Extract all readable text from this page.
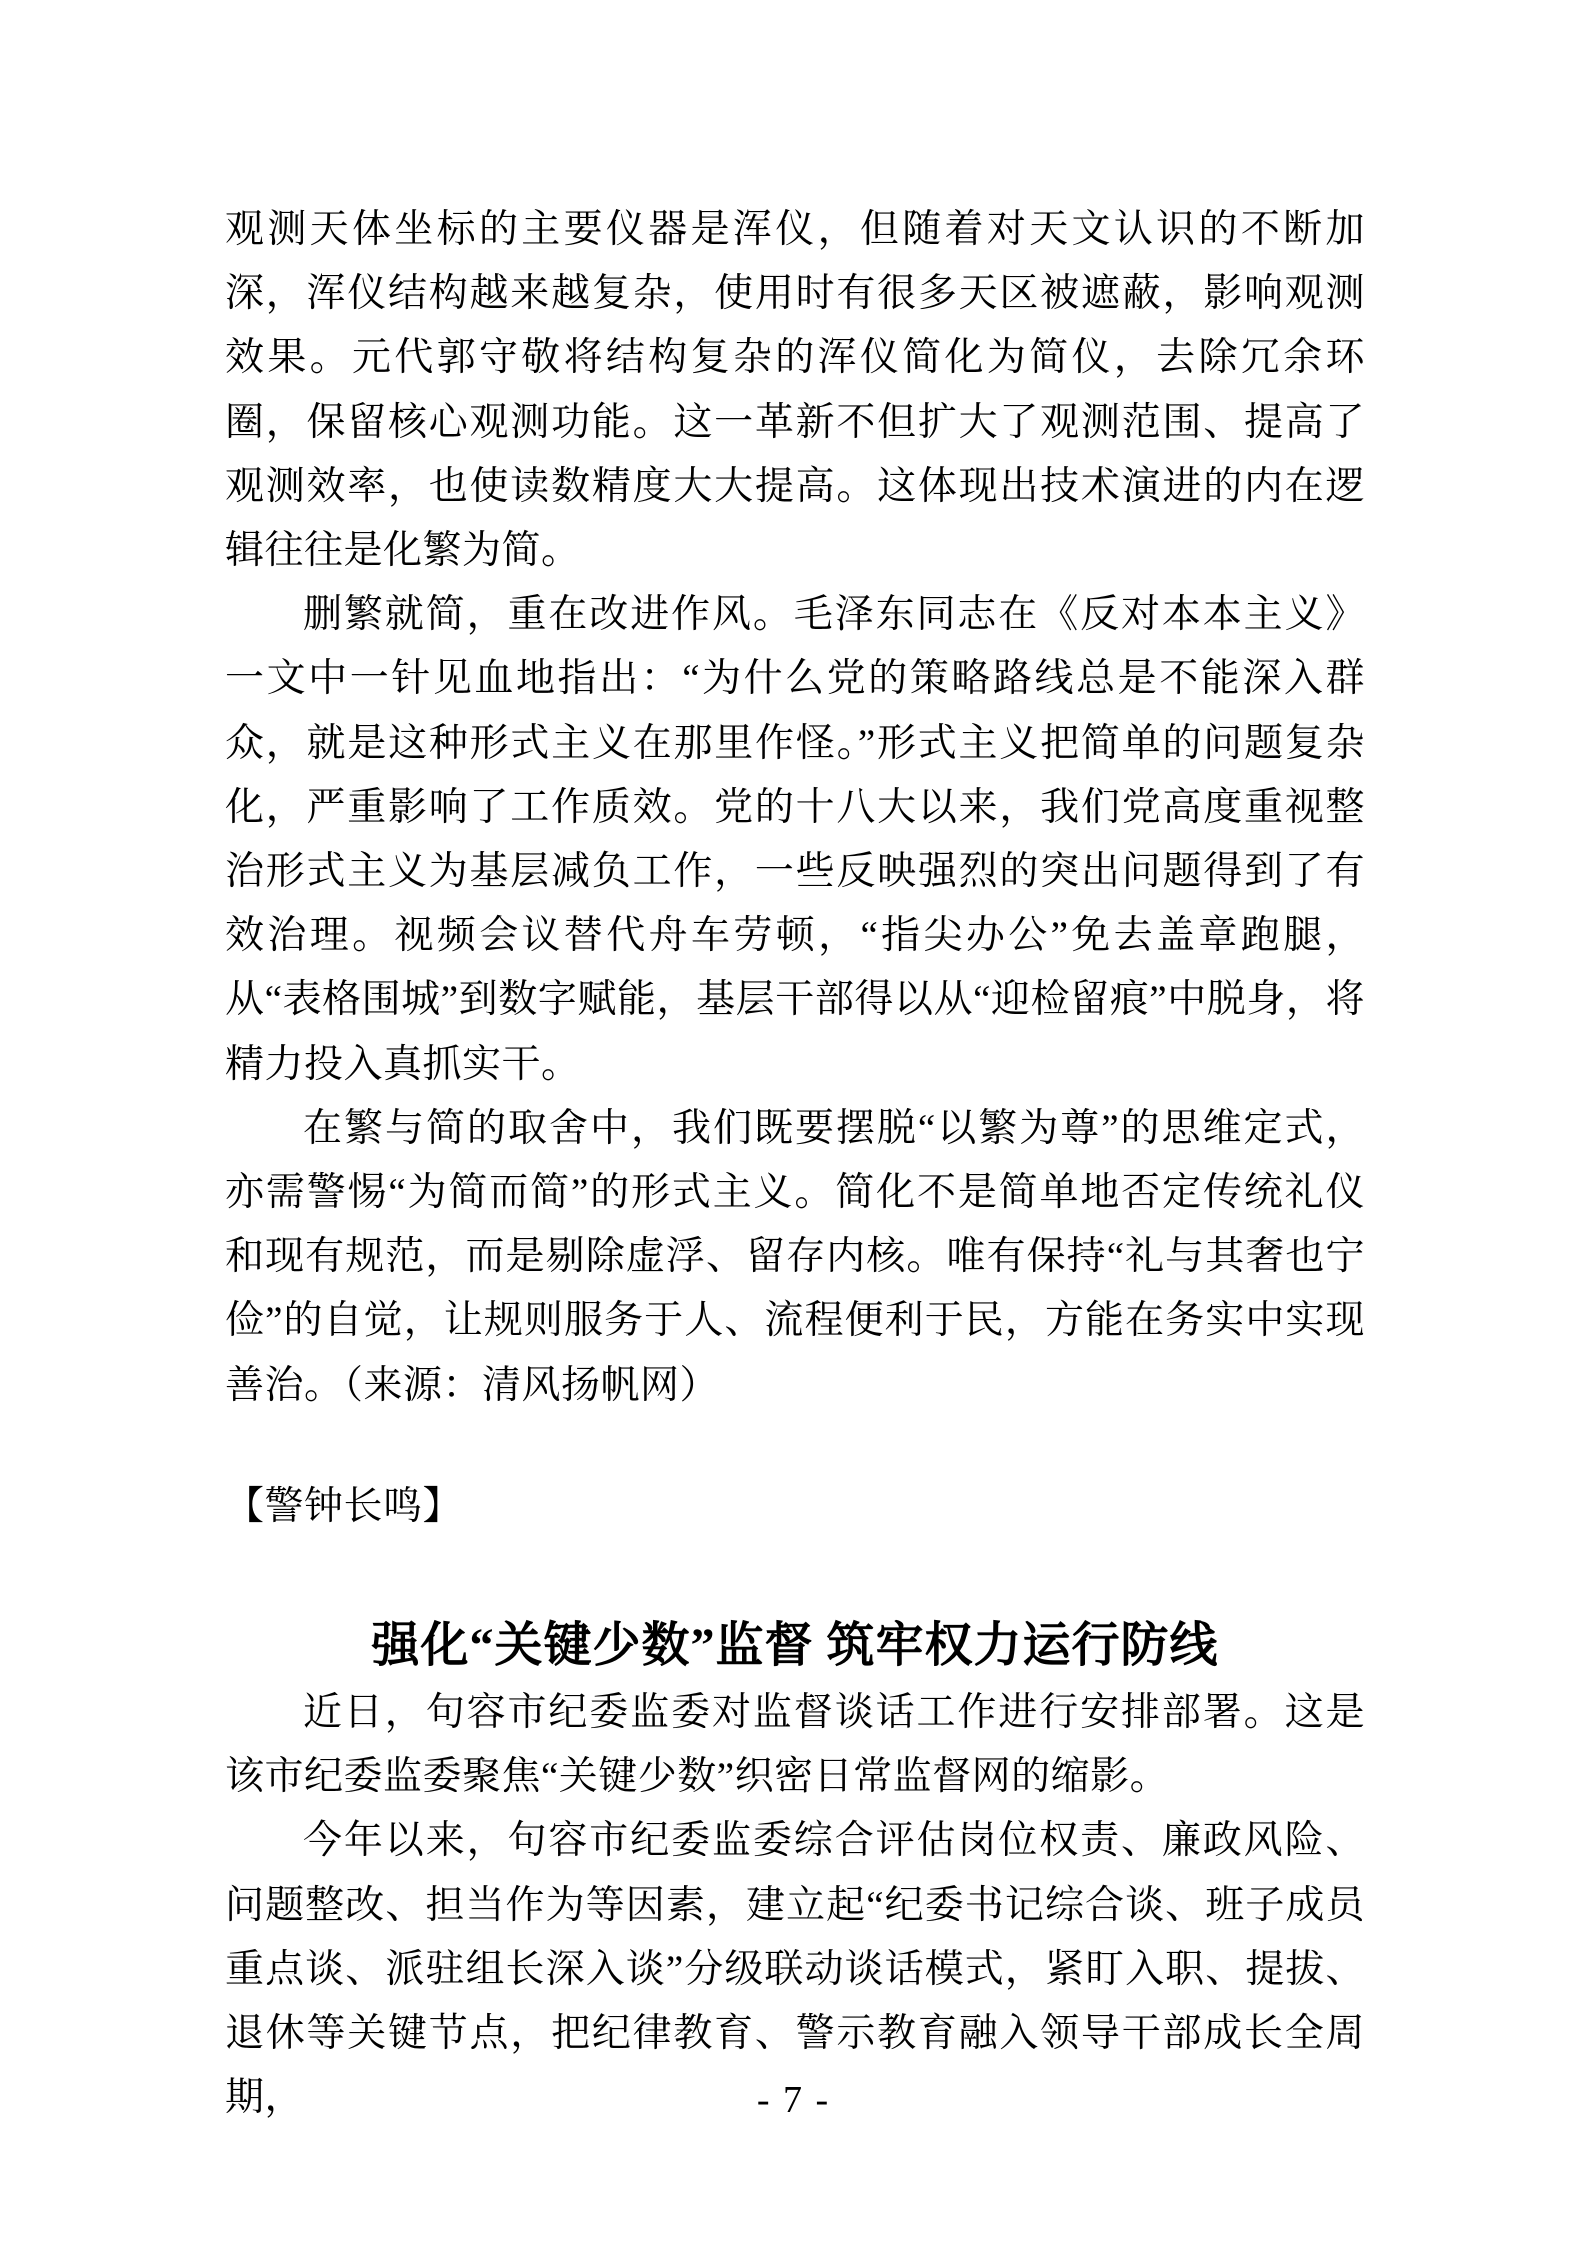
观测天体坐标的主要仪器是浑仪，但随着对天文认识的不断加深，浑仪结构越来越复杂，使用时有很多天区被遮蔽，影响观测效果。元代郭守敬将结构复杂的浑仪简化为简仪，去除冗余环圈，保留核心观测功能。这一革新不但扩大了观测范围、提高了观测效率，也使读数精度大大提高。这体现出技术演进的内在逻辑往往是化繁为简。

删繁就简，重在改进作风。毛泽东同志在《反对本本主义》一文中一针见血地指出：“为什么党的策略路线总是不能深入群众，就是这种形式主义在那里作怪。”形式主义把简单的问题复杂化，严重影响了工作质效。党的十八大以来，我们党高度重视整治形式主义为基层减负工作，一些反映强烈的突出问题得到了有效治理。视频会议替代舟车劳顿，“指尖办公”免去盖章跑腿，从“表格围城”到数字赋能，基层干部得以从“迎检留痕”中脱身，将精力投入真抓实干。

在繁与简的取舍中，我们既要摆脱“以繁为尊”的思维定式，亦需警惕“为简而简”的形式主义。简化不是简单地否定传统礼仪和现有规范，而是剔除虚浮、留存内核。唯有保持“礼与其奢也宁俭”的自觉，让规则服务于人、流程便利于民，方能在务实中实现善治。（来源：清风扬帆网）

【警钟长鸣】

强化“关键少数”监督 筑牢权力运行防线

近日，句容市纪委监委对监督谈话工作进行安排部署。这是该市纪委监委聚焦“关键少数”织密日常监督网的缩影。

今年以来，句容市纪委监委综合评估岗位权责、廉政风险、问题整改、担当作为等因素，建立起“纪委书记综合谈、班子成员重点谈、派驻组长深入谈”分级联动谈话模式，紧盯入职、提拔、退休等关键节点，把纪律教育、警示教育融入领导干部成长全周期，	- 7 -
